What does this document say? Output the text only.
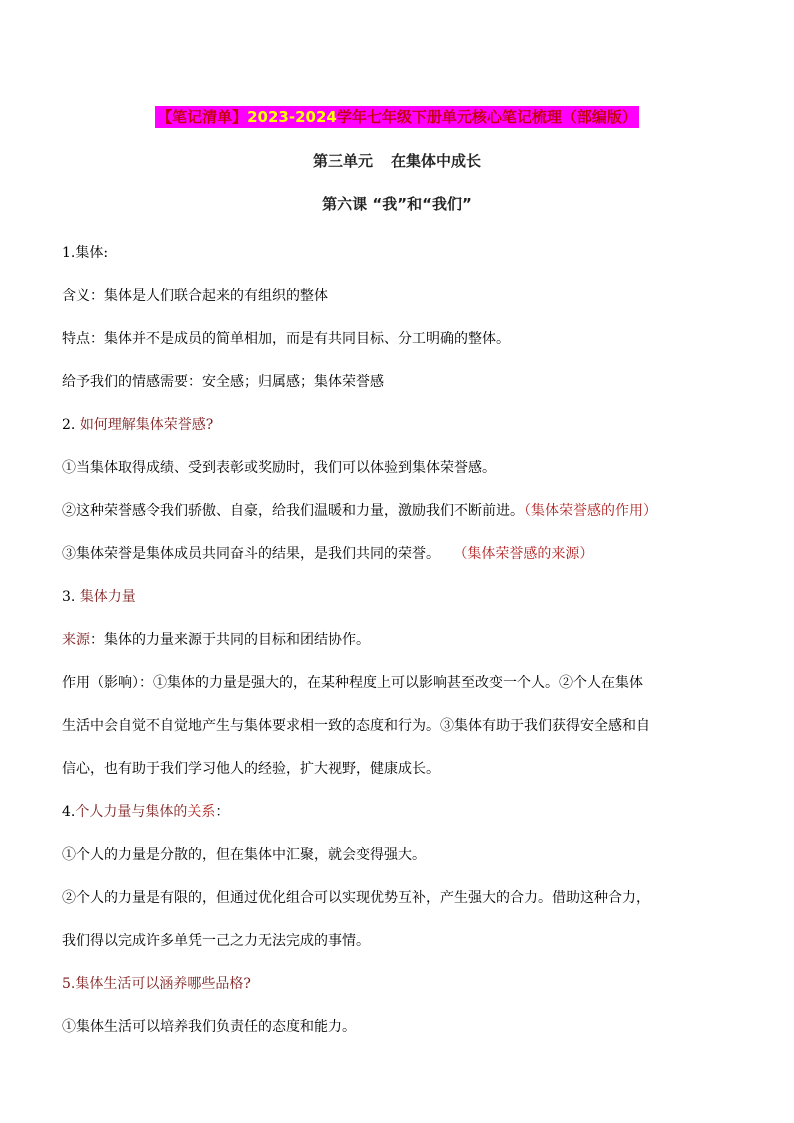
【笔记清单】2023-2024学年七年级下册单元核心笔记梳理（部编版）
第三单元 在集体中成长
第六课 “我”和“我们”

1.集体:

含义：集体是人们联合起来的有组织的整体

特点：集体并不是成员的简单相加，而是有共同目标、分工明确的整体。

给予我们的情感需要：安全感；归属感；集体荣誉感

2. 如何理解集体荣誉感?

①当集体取得成绩、受到表彰或奖励时，我们可以体验到集体荣誉感。

②这种荣誉感令我们骄傲、自豪，给我们温暖和力量，激励我们不断前进。（集体荣誉感的作用）

③集体荣誉是集体成员共同奋斗的结果，是我们共同的荣誉。 （集体荣誉感的来源）

3. 集体力量

来源：集体的力量来源于共同的目标和团结协作。

作用（影响）：①集体的力量是强大的，在某种程度上可以影响甚至改变一个人。②个人在集体

生活中会自觉不自觉地产生与集体要求相一致的态度和行为。③集体有助于我们获得安全感和自

信心，也有助于我们学习他人的经验，扩大视野，健康成长。

4.个人力量与集体的关系：

①个人的力量是分散的，但在集体中汇聚，就会变得强大。

②个人的力量是有限的，但通过优化组合可以实现优势互补，产生强大的合力。借助这种合力，

我们得以完成许多单凭一己之力无法完成的事情。

5.集体生活可以涵养哪些品格?

①集体生活可以培养我们负责任的态度和能力。
